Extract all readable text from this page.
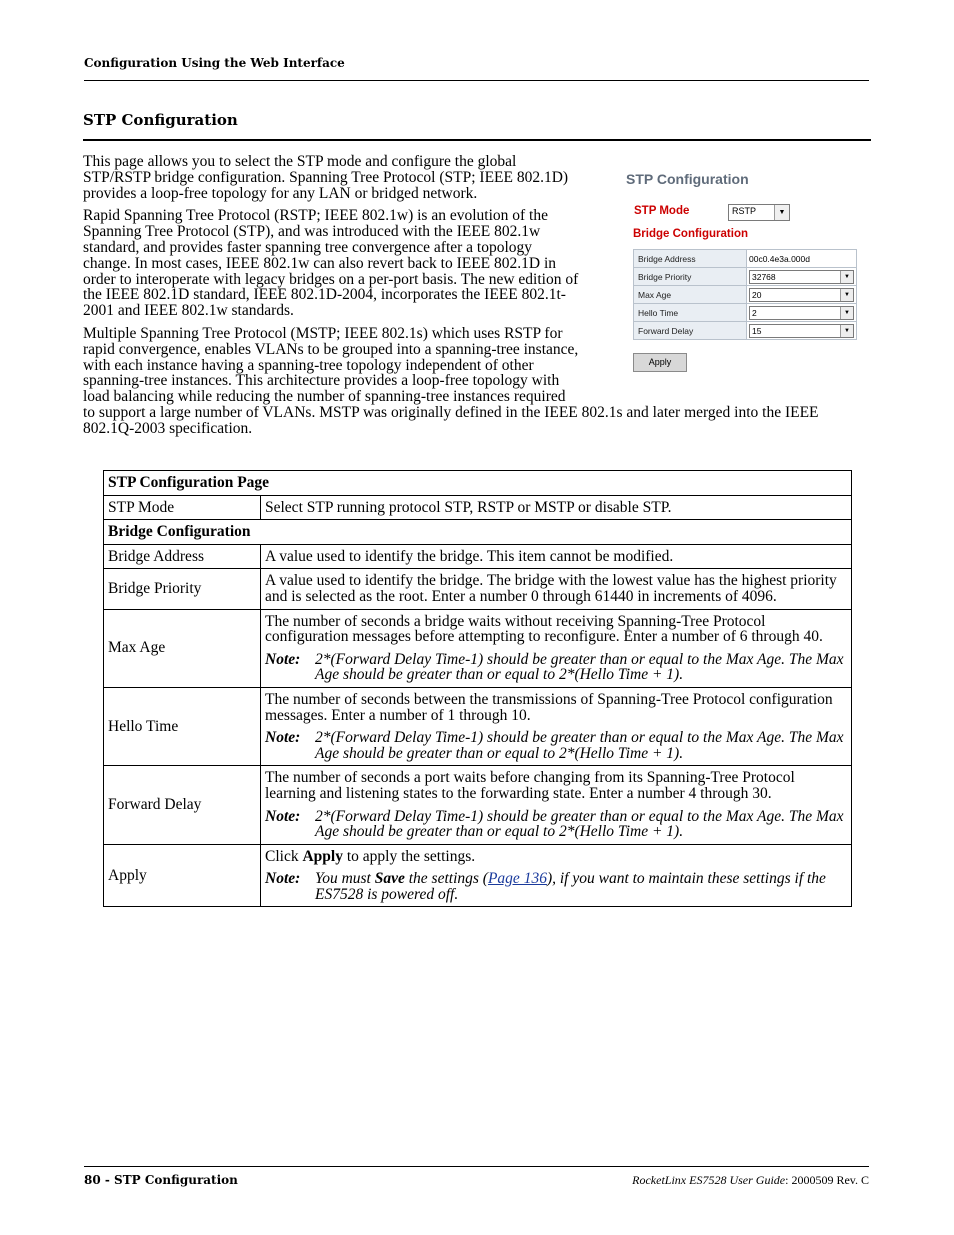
Configuration Using the Web Interface
STP Configuration

This page allows you to select the STP mode and configure the global STP/RSTP bridge configuration. Spanning Tree Protocol (STP; IEEE 802.1D) provides a loop-free topology for any LAN or bridged network.

Rapid Spanning Tree Protocol (RSTP; IEEE 802.1w) is an evolution of the Spanning Tree Protocol (STP), and was introduced with the IEEE 802.1w standard, and provides faster spanning tree convergence after a topology change. In most cases, IEEE 802.1w can also revert back to IEEE 802.1D in order to interoperate with legacy bridges on a per-port basis. The new edition of the IEEE 802.1D standard, IEEE 802.1D-2004, incorporates the IEEE 802.1t-2001 and IEEE 802.1w standards.

Multiple Spanning Tree Protocol (MSTP; IEEE 802.1s) which uses RSTP for rapid convergence, enables VLANs to be grouped into a spanning-tree instance, with each instance having a spanning-tree topology independent of other spanning-tree instances. This architecture provides a loop-free topology with load balancing while reducing the number of spanning-tree instances required to support a large number of VLANs. MSTP was originally defined in the IEEE 802.1s and later merged into the IEEE 802.1Q-2003 specification.

STP Configuration
STP Mode	RSTP	▼
Bridge Configuration
Bridge Address	00c0.4e3a.000d
Bridge Priority	32768 ▼

Max Age	20 ▼

Hello Time	2 ▼

Forward Delay	15 ▼
Apply
STP Configuration Page	
STP Mode	Select STP running protocol STP, RSTP or MSTP or disable STP.
Bridge Configuration	
Bridge Address	A value used to identify the bridge. This item cannot be modified.
Bridge Priority	A value used to identify the bridge. The bridge with the lowest value has the highest priority and is selected as the root. Enter a number 0 through 61440 in increments of 4096.
Max Age	The number of seconds a bridge waits without receiving Spanning-Tree Protocol configuration messages before attempting to reconfigure. Enter a number of 6 through 40.
Note: 2*(Forward Delay Time-1) should be greater than or equal to the Max Age. The Max Age should be greater than or equal to 2*(Hello Time + 1).

Hello Time	The number of seconds between the transmissions of Spanning-Tree Protocol configuration messages. Enter a number of 1 through 10.
Note: 2*(Forward Delay Time-1) should be greater than or equal to the Max Age. The Max Age should be greater than or equal to 2*(Hello Time + 1).

Forward Delay	The number of seconds a port waits before changing from its Spanning-Tree Protocol learning and listening states to the forwarding state. Enter a number 4 through 30.
Note: 2*(Forward Delay Time-1) should be greater than or equal to the Max Age. The Max Age should be greater than or equal to 2*(Hello Time + 1).

Apply	Click Apply to apply the settings.
Note: You must Save the settings (Page 136), if you want to maintain these settings if the ES7528 is powered off.
80 - STP Configuration	RocketLinx ES7528 User Guide: 2000509 Rev. C
